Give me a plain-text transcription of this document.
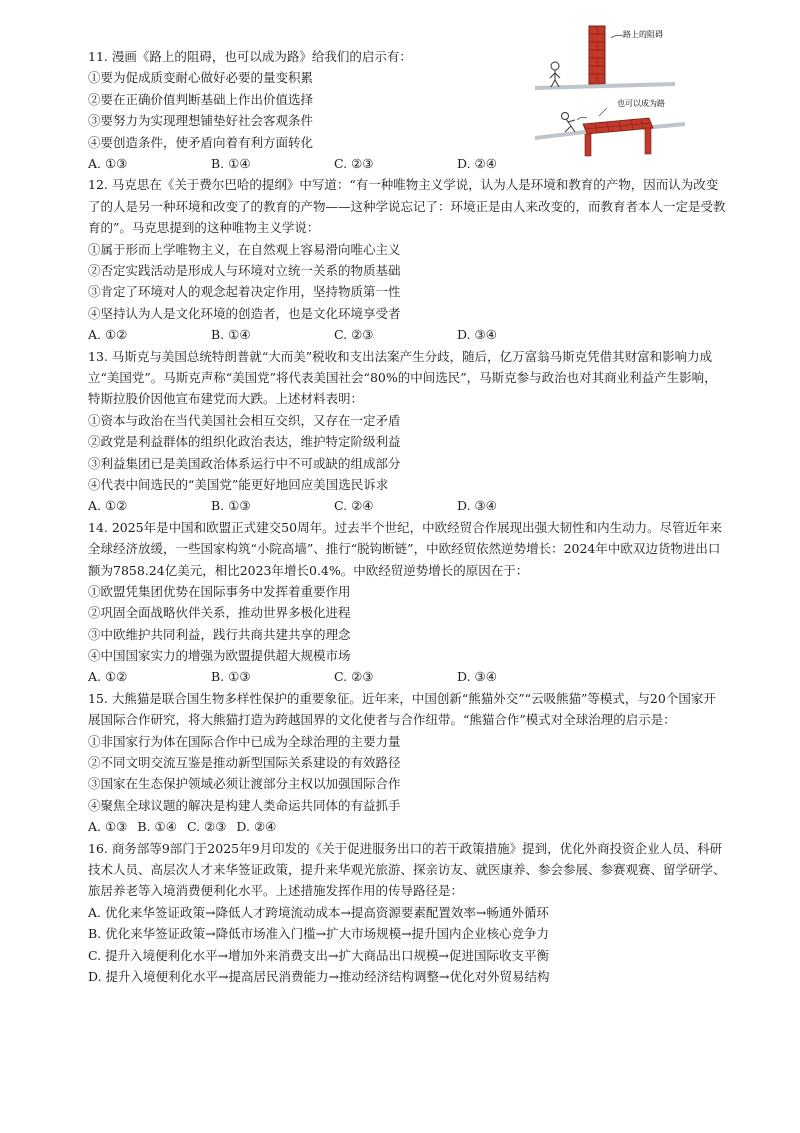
路上的阻碍
也可以成为路
11. 漫画《路上的阻碍，也可以成为路》给我们的启示有：
①要为促成质变耐心做好必要的量变积累
②要在正确价值判断基础上作出价值选择
③要努力为实现理想铺垫好社会客观条件
④要创造条件，使矛盾向着有利方面转化
A. ①③	B. ①④	C. ②③	D. ②④
12. 马克思在《关于费尔巴哈的提纲》中写道：“有一种唯物主义学说，认为人是环境和教育的产物，因而认为改变了的人是另一种环境和改变了的教育的产物——这种学说忘记了：环境正是由人来改变的，而教育者本人一定是受教育的”。马克思提到的这种唯物主义学说：
①属于形而上学唯物主义，在自然观上容易滑向唯心主义
②否定实践活动是形成人与环境对立统一关系的物质基础
③肯定了环境对人的观念起着决定作用，坚持物质第一性
④坚持认为人是文化环境的创造者，也是文化环境享受者
A. ①②	B. ①④	C. ②③	D. ③④
13. 马斯克与美国总统特朗普就“大而美”税收和支出法案产生分歧，随后，亿万富翁马斯克凭借其财富和影响力成立“美国党”。马斯克声称“美国党”将代表美国社会“80%的中间选民”，马斯克参与政治也对其商业利益产生影响，特斯拉股价因他宣布建党而大跌。上述材料表明：
①资本与政治在当代美国社会相互交织，又存在一定矛盾
②政党是利益群体的组织化政治表达，维护特定阶级利益
③利益集团已是美国政治体系运行中不可或缺的组成部分
④代表中间选民的“美国党”能更好地回应美国选民诉求
A. ①②	B. ①③	C. ②④	D. ③④
14. 2025年是中国和欧盟正式建交50周年。过去半个世纪，中欧经贸合作展现出强大韧性和内生动力。尽管近年来全球经济放缓，一些国家构筑“小院高墙”、推行“脱钩断链”，中欧经贸依然逆势增长：2024年中欧双边货物进出口额为7858.24亿美元，相比2023年增长0.4%。中欧经贸逆势增长的原因在于：
①欧盟凭集团优势在国际事务中发挥着重要作用
②巩固全面战略伙伴关系，推动世界多极化进程
③中欧维护共同利益，践行共商共建共享的理念
④中国国家实力的增强为欧盟提供超大规模市场
A. ①②	B. ①③	C. ②③	D. ③④
15. 大熊猫是联合国生物多样性保护的重要象征。近年来，中国创新“熊猫外交”“云吸熊猫”等模式，与20个国家开展国际合作研究，将大熊猫打造为跨越国界的文化使者与合作纽带。“熊猫合作”模式对全球治理的启示是：
①非国家行为体在国际合作中已成为全球治理的主要力量
②不同文明交流互鉴是推动新型国际关系建设的有效路径
③国家在生态保护领域必须让渡部分主权以加强国际合作
④聚焦全球议题的解决是构建人类命运共同体的有益抓手
A. ①③ B. ①④ C. ②③ D. ②④
16. 商务部等9部门于2025年9月印发的《关于促进服务出口的若干政策措施》提到，优化外商投资企业人员、科研技术人员、高层次人才来华签证政策，提升来华观光旅游、探亲访友、就医康养、参会参展、参赛观赛、留学研学、旅居养老等入境消费便利化水平。上述措施发挥作用的传导路径是：
A. 优化来华签证政策→降低人才跨境流动成本→提高资源要素配置效率→畅通外循环
B. 优化来华签证政策→降低市场准入门槛→扩大市场规模→提升国内企业核心竞争力
C. 提升入境便利化水平→增加外来消费支出→扩大商品出口规模→促进国际收支平衡
D. 提升入境便利化水平→提高居民消费能力→推动经济结构调整→优化对外贸易结构
